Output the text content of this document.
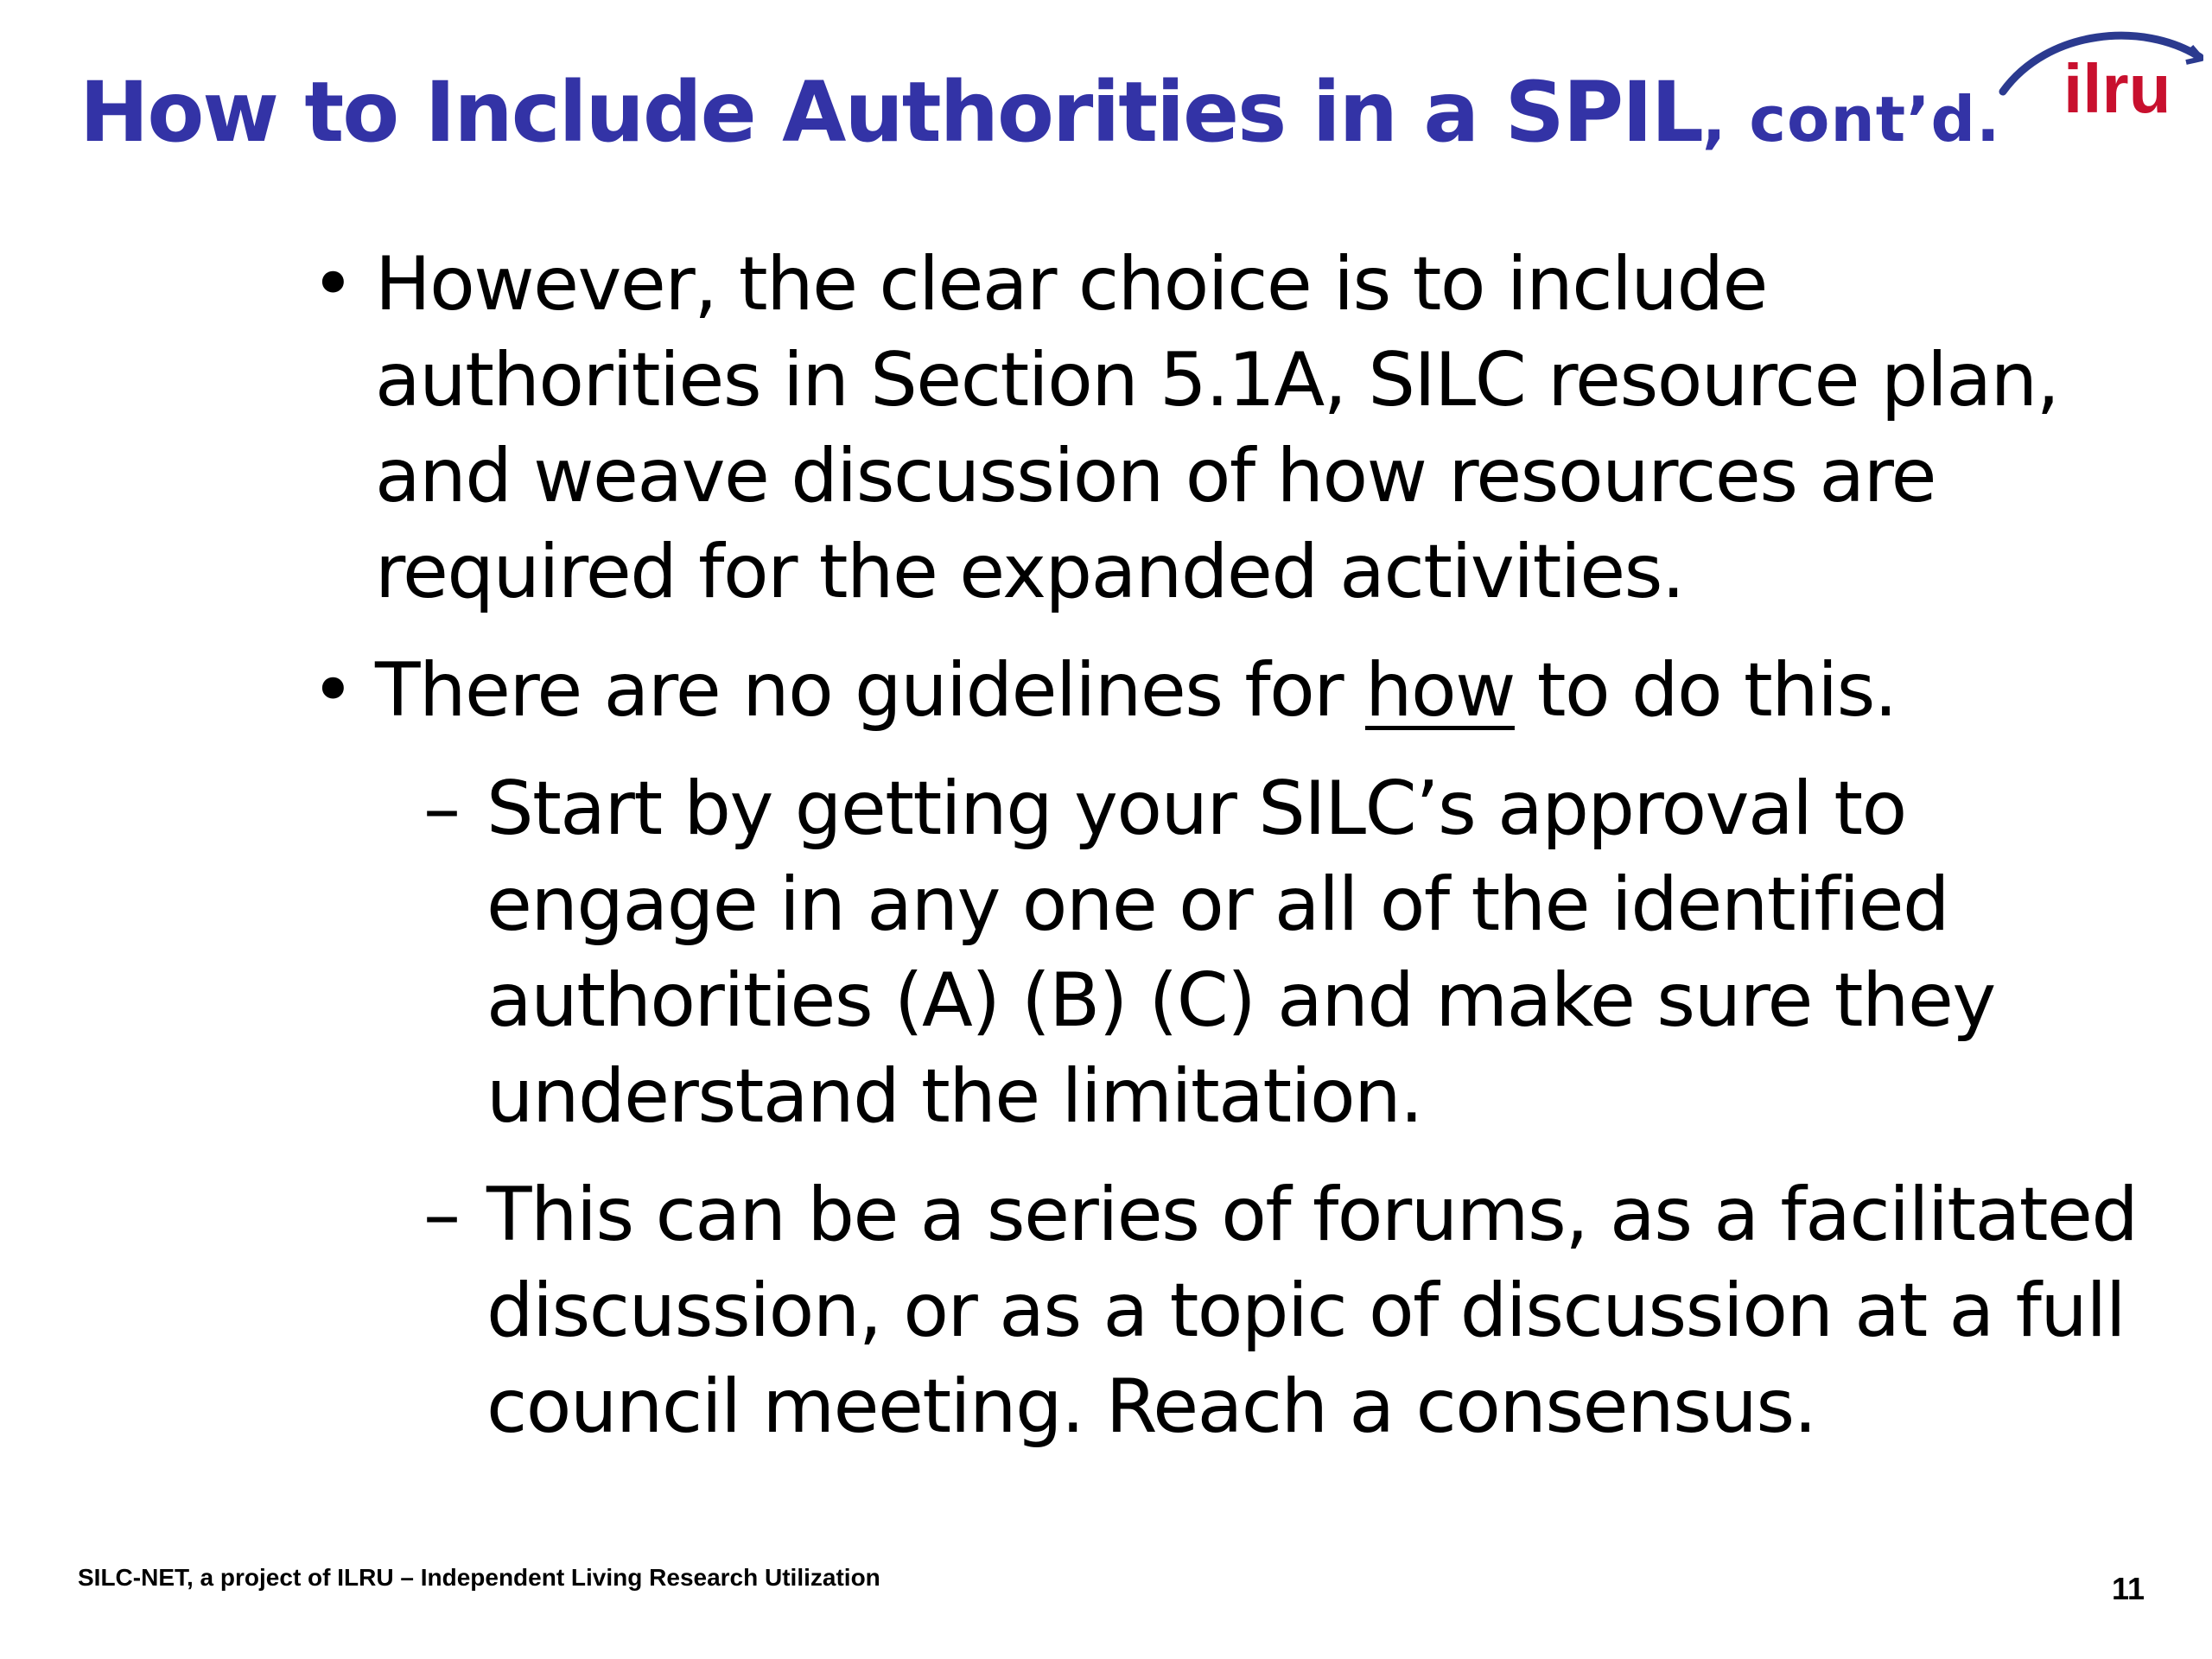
How to Include Authorities in a SPIL, cont’d. ilru
• However, the clear choice is to include authorities in Section 5.1A, SILC resource plan, and weave discussion of how resources are required for the expanded activities.
• There are no guidelines for how to do this.
– Start by getting your SILC’s approval to engage in any one or all of the identified authorities (A) (B) (C) and make sure they understand the limitation.
– This can be a series of forums, as a facilitated discussion, or as a topic of discussion at a full council meeting. Reach a consensus.
SILC-NET, a project of ILRU – Independent Living Research Utilization	11
